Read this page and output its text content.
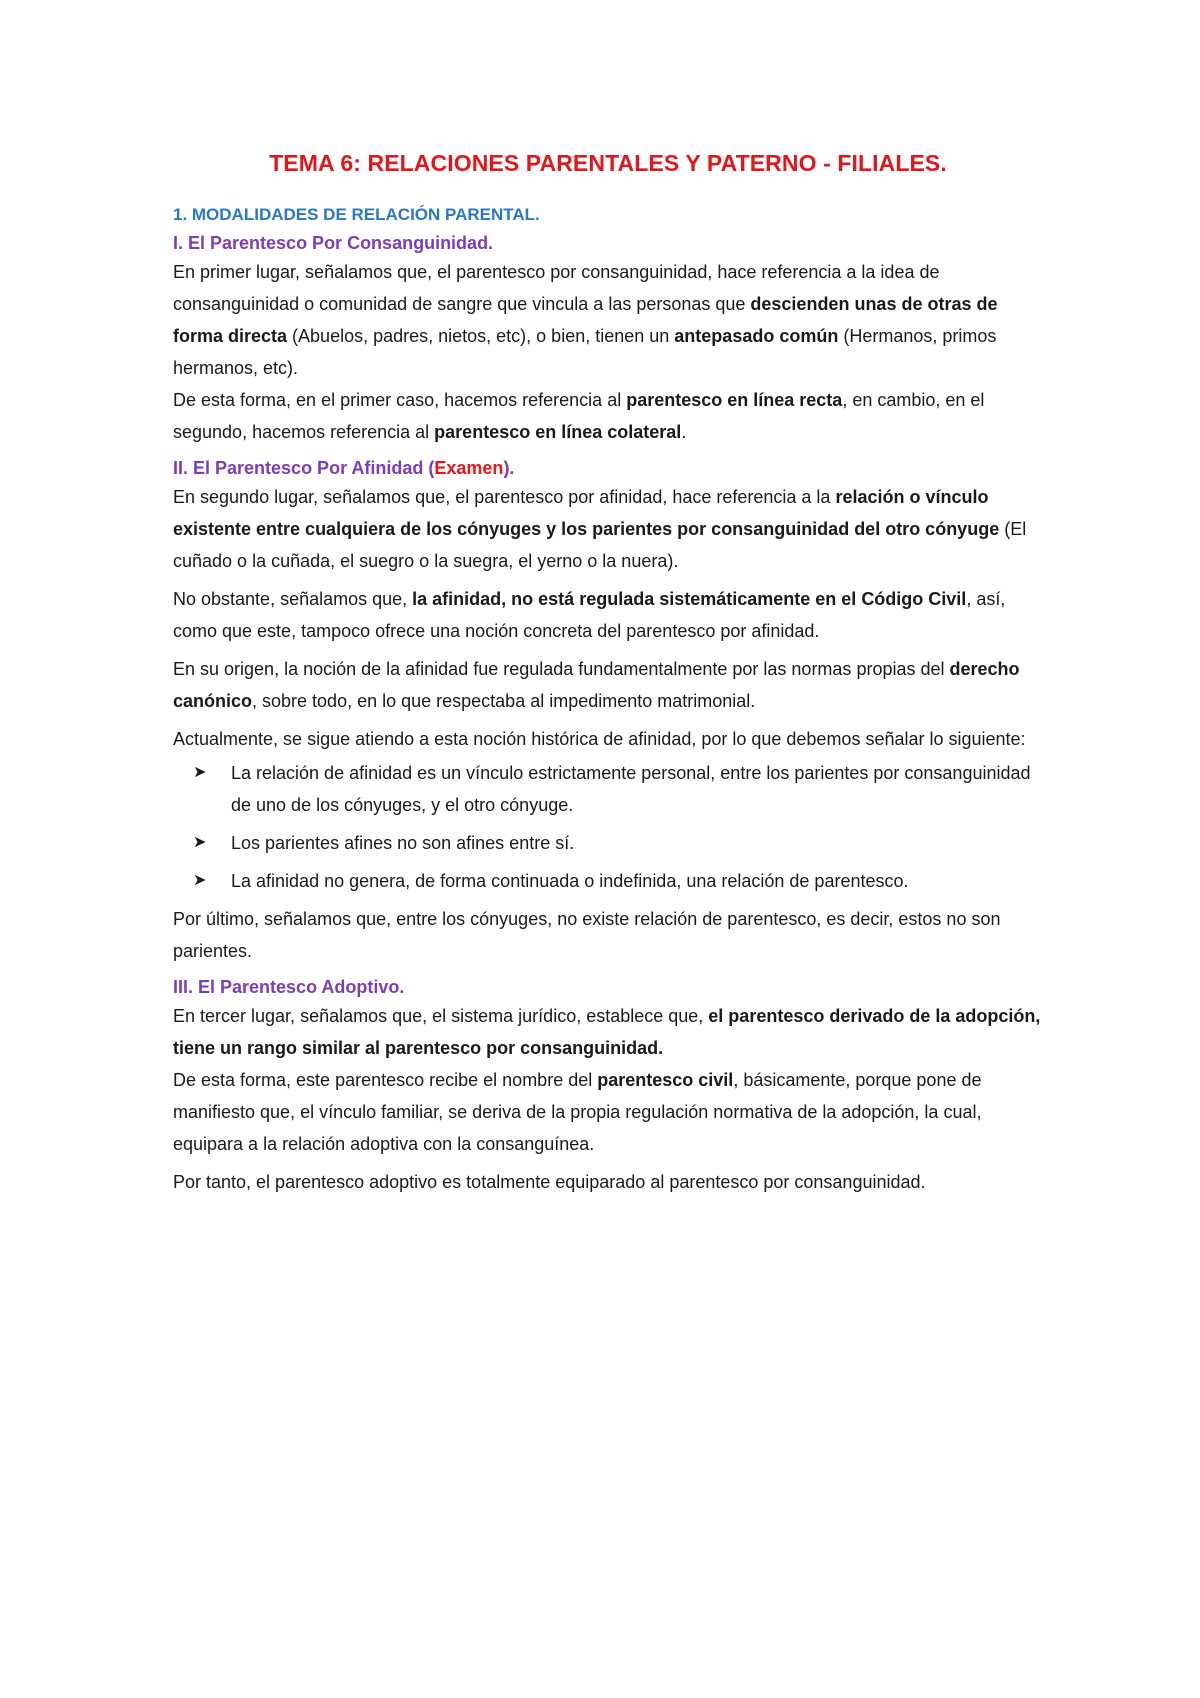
TEMA 6: RELACIONES PARENTALES Y PATERNO - FILIALES.
1. MODALIDADES DE RELACIÓN PARENTAL.
I. El Parentesco Por Consanguinidad.

En primer lugar, señalamos que, el parentesco por consanguinidad, hace referencia a la idea de consanguinidad o comunidad de sangre que vincula a las personas que descienden unas de otras de forma directa (Abuelos, padres, nietos, etc), o bien, tienen un antepasado común (Hermanos, primos hermanos, etc).

De esta forma, en el primer caso, hacemos referencia al parentesco en línea recta, en cambio, en el segundo, hacemos referencia al parentesco en línea colateral.

II. El Parentesco Por Afinidad (Examen).

En segundo lugar, señalamos que, el parentesco por afinidad, hace referencia a la relación o vínculo existente entre cualquiera de los cónyuges y los parientes por consanguinidad del otro cónyuge (El cuñado o la cuñada, el suegro o la suegra, el yerno o la nuera).

No obstante, señalamos que, la afinidad, no está regulada sistemáticamente en el Código Civil, así, como que este, tampoco ofrece una noción concreta del parentesco por afinidad.

En su origen, la noción de la afinidad fue regulada fundamentalmente por las normas propias del derecho canónico, sobre todo, en lo que respectaba al impedimento matrimonial.

Actualmente, se sigue atiendo a esta noción histórica de afinidad, por lo que debemos señalar lo siguiente:

➤ La relación de afinidad es un vínculo estrictamente personal, entre los parientes por consanguinidad de uno de los cónyuges, y el otro cónyuge.
➤ Los parientes afines no son afines entre sí.
➤ La afinidad no genera, de forma continuada o indefinida, una relación de parentesco.

Por último, señalamos que, entre los cónyuges, no existe relación de parentesco, es decir, estos no son parientes.

III. El Parentesco Adoptivo.

En tercer lugar, señalamos que, el sistema jurídico, establece que, el parentesco derivado de la adopción, tiene un rango similar al parentesco por consanguinidad.

De esta forma, este parentesco recibe el nombre del parentesco civil, básicamente, porque pone de manifiesto que, el vínculo familiar, se deriva de la propia regulación normativa de la adopción, la cual, equipara a la relación adoptiva con la consanguínea.

Por tanto, el parentesco adoptivo es totalmente equiparado al parentesco por consanguinidad.
